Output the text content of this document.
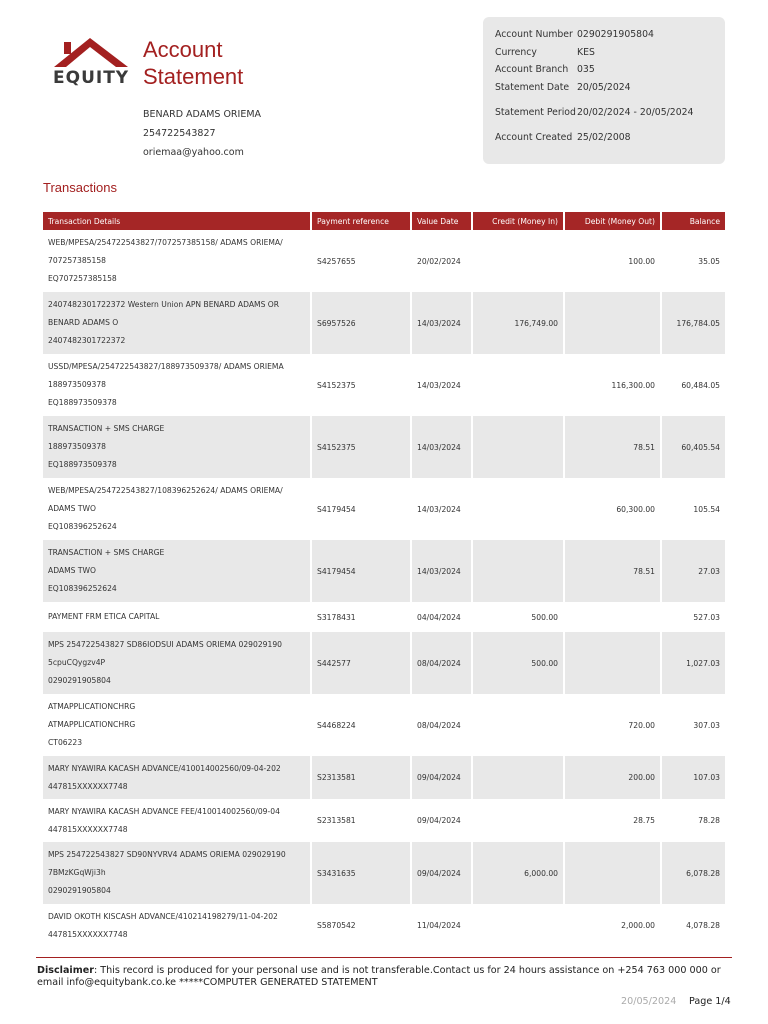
EQUITY
Account
Statement
BENARD ADAMS ORIEMA
254722543827
oriemaa@yahoo.com
Account Number 0290291905804
Currency	KES
Account Branch 035
Statement Date 20/05/2024
Statement Period 20/02/2024 - 20/05/2024
Account Created 25/02/2008
Transactions
Transaction Details	Payment reference	Value Date	Credit (Money In)	Debit (Money Out)	Balance

WEB/MPESA/254722543827/707257385158/ ADAMS ORIEMA/
707257385158
EQ707257385158	S4257655	20/02/2024		100.00	35.05

2407482301722372 Western Union APN BENARD ADAMS OR
BENARD ADAMS O
2407482301722372	S6957526	14/03/2024	176,749.00		176,784.05

USSD/MPESA/254722543827/188973509378/ ADAMS ORIEMA
188973509378
EQ188973509378	S4152375	14/03/2024		116,300.00	60,484.05

TRANSACTION + SMS CHARGE
188973509378
EQ188973509378	S4152375	14/03/2024		78.51	60,405.54

WEB/MPESA/254722543827/108396252624/ ADAMS ORIEMA/
ADAMS TWO
EQ108396252624	S4179454	14/03/2024		60,300.00	105.54

TRANSACTION + SMS CHARGE
ADAMS TWO
EQ108396252624	S4179454	14/03/2024		78.51	27.03

PAYMENT FRM ETICA CAPITAL	S3178431	04/04/2024	500.00		527.03

MPS 254722543827 SD86IODSUI ADAMS ORIEMA 029029190
5cpuCQygzv4P
0290291905804	S442577	08/04/2024	500.00		1,027.03

ATMAPPLICATIONCHRG
ATMAPPLICATIONCHRG
CT06223	S4468224	08/04/2024		720.00	307.03

MARY NYAWIRA KACASH ADVANCE/410014002560/09-04-202
447815XXXXXX7748	S2313581	09/04/2024		200.00	107.03

MARY NYAWIRA KACASH ADVANCE FEE/410014002560/09-04
447815XXXXXX7748	S2313581	09/04/2024		28.75	78.28

MPS 254722543827 SD90NYVRV4 ADAMS ORIEMA 029029190
7BMzKGqWji3h
0290291905804	S3431635	09/04/2024	6,000.00		6,078.28

DAVID OKOTH KISCASH ADVANCE/410214198279/11-04-202
447815XXXXXX7748	S5870542	11/04/2024		2,000.00	4,078.28
Disclaimer: This record is produced for your personal use and is not transferable.Contact us for 24 hours assistance on +254 763 000 000 or email info@equitybank.co.ke *****COMPUTER GENERATED STATEMENT
20/05/2024 Page 1/4
